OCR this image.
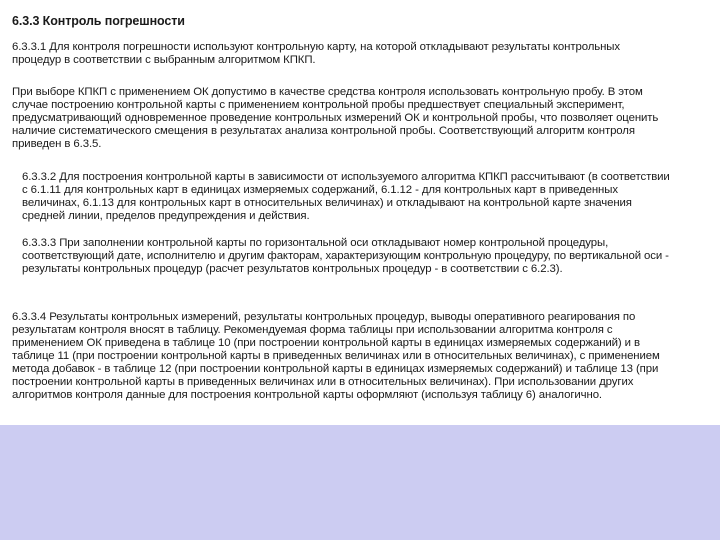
6.3.3 Контроль погрешности
6.3.3.1 Для контроля погрешности используют контрольную карту, на которой откладывают результаты контрольных
процедур в соответствии с выбранным алгоритмом КПКП.
При выборе КПКП с применением ОК допустимо в качестве средства контроля использовать контрольную пробу. В этом
случае построению контрольной карты с применением контрольной пробы предшествует специальный эксперимент,
предусматривающий одновременное проведение контрольных измерений ОК и контрольной пробы, что позволяет оценить
наличие систематического смещения в результатах анализа контрольной пробы. Соответствующий алгоритм контроля
приведен в 6.3.5.
6.3.3.2 Для построения контрольной карты в зависимости от используемого алгоритма КПКП рассчитывают (в соответствии
с 6.1.11 для контрольных карт в единицах измеряемых содержаний, 6.1.12 - для контрольных карт в приведенных
величинах, 6.1.13 для контрольных карт в относительных величинах) и откладывают на контрольной карте значения
средней линии, пределов предупреждения и действия.
6.3.3.3 При заполнении контрольной карты по горизонтальной оси откладывают номер контрольной процедуры,
соответствующий дате, исполнителю и другим факторам, характеризующим контрольную процедуру, по вертикальной оси -
результаты контрольных процедур (расчет результатов контрольных процедур - в соответствии с 6.2.3).
6.3.3.4 Результаты контрольных измерений, результаты контрольных процедур, выводы оперативного реагирования по
результатам контроля вносят в таблицу. Рекомендуемая форма таблицы при использовании алгоритма контроля с
применением ОК приведена в таблице 10 (при построении контрольной карты в единицах измеряемых содержаний) и в
таблице 11 (при построении контрольной карты в приведенных величинах или в относительных величинах), с применением
метода добавок - в таблице 12 (при построении контрольной карты в единицах измеряемых содержаний) и таблице 13 (при
построении контрольной карты в приведенных величинах или в относительных величинах). При использовании других
алгоритмов контроля данные для построения контрольной карты оформляют (используя таблицу 6) аналогично.
